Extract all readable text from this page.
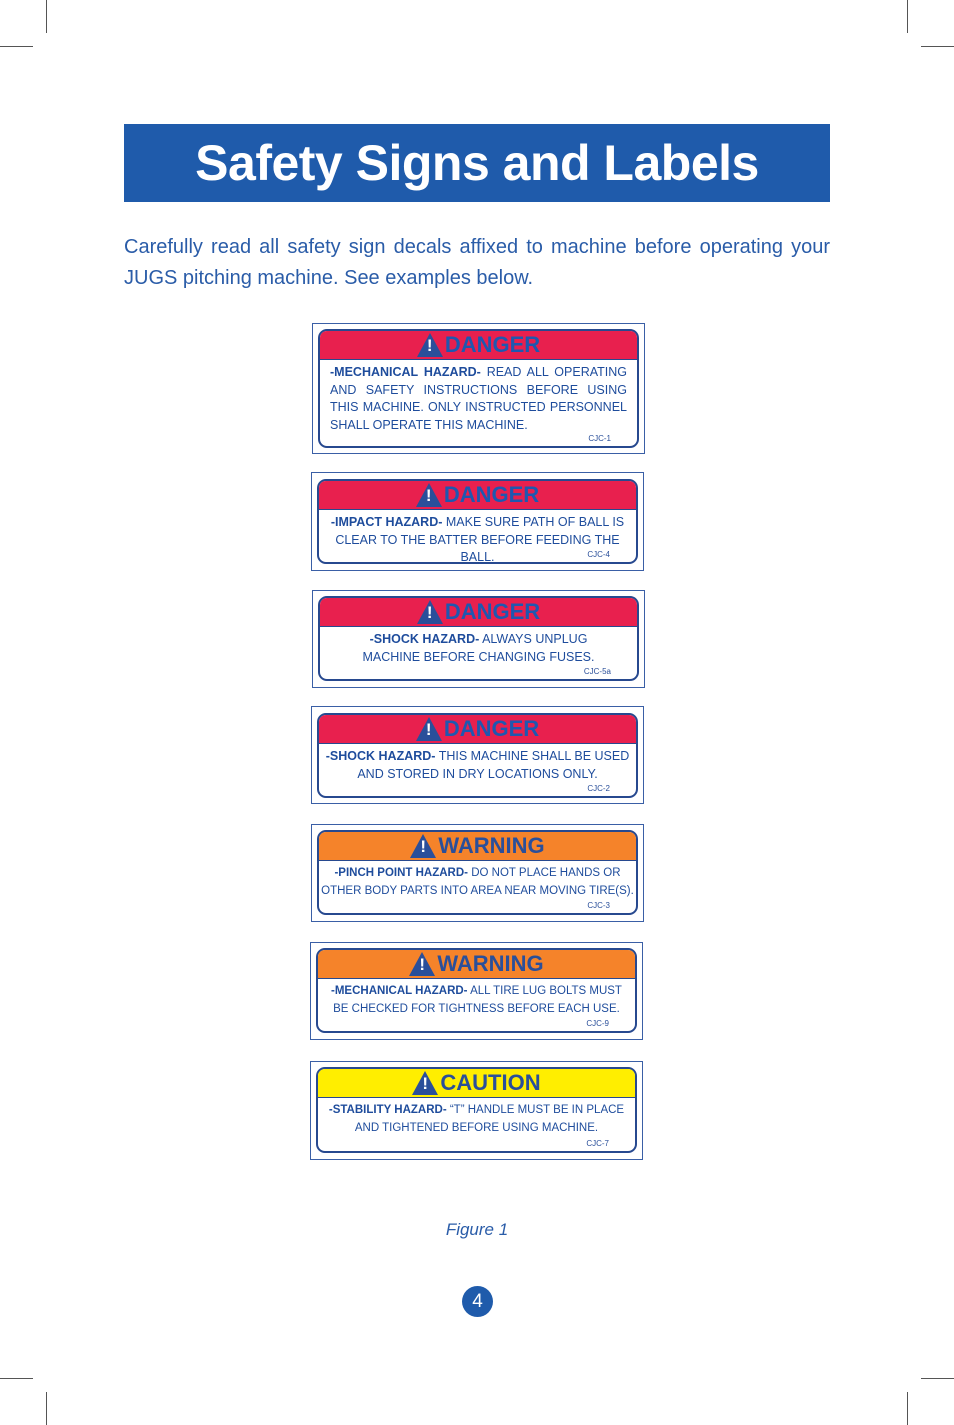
Safety Signs and Labels

Carefully read all safety sign decals affixed to machine before operating your JUGS pitching machine. See examples below.

! DANGER
-MECHANICAL HAZARD- READ ALL OPERATING AND SAFETY INSTRUCTIONS BEFORE USING THIS MACHINE. ONLY INSTRUCTED PERSONNEL SHALL OPERATE THIS MACHINE.
CJC-1
! DANGER
-IMPACT HAZARD- MAKE SURE PATH OF BALL IS CLEAR TO THE BATTER BEFORE FEEDING THE BALL.	CJC-4
! DANGER
-SHOCK HAZARD- ALWAYS UNPLUG MACHINE BEFORE CHANGING FUSES.
CJC-5a
! DANGER
-SHOCK HAZARD- THIS MACHINE SHALL BE USED AND STORED IN DRY LOCATIONS ONLY.
CJC-2
! WARNING
-PINCH POINT HAZARD- DO NOT PLACE HANDS OR OTHER BODY PARTS INTO AREA NEAR MOVING TIRE(S).
CJC-3
! WARNING
-MECHANICAL HAZARD- ALL TIRE LUG BOLTS MUST BE CHECKED FOR TIGHTNESS BEFORE EACH USE.
CJC-9
! CAUTION
-STABILITY HAZARD- “T” HANDLE MUST BE IN PLACE AND TIGHTENED BEFORE USING MACHINE.
CJC-7
Figure 1
4
